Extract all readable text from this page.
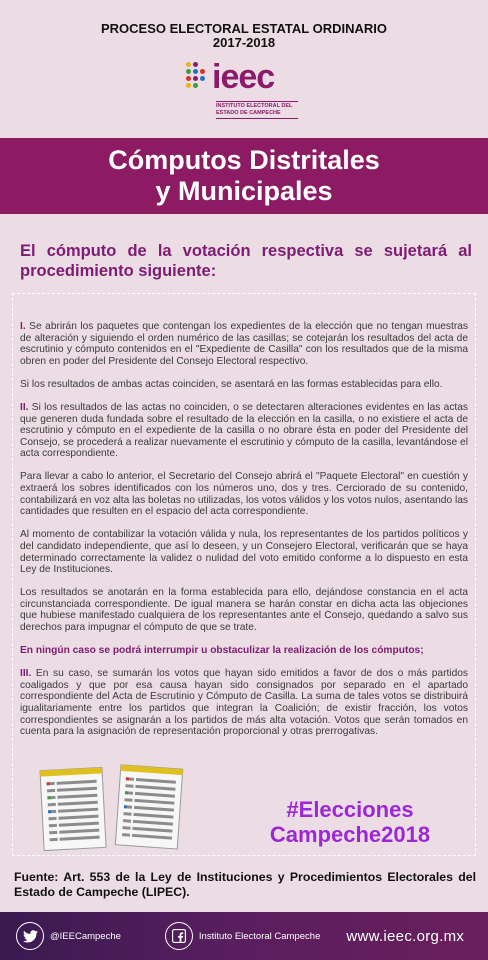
PROCESO ELECTORAL ESTATAL ORDINARIO
2017-2018
ieec
INSTITUTO ELECTORAL DEL
ESTADO DE CAMPECHE
Cómputos Distritales
y Municipales
El cómputo de la votación respectiva se sujetará al procedimiento siguiente:

I. Se abrirán los paquetes que contengan los expedientes de la elección que no tengan muestras de alteración y siguiendo el orden numérico de las casillas; se cotejarán los resultados del acta de escrutinio y cómputo contenidos en el "Expediente de Casilla" con los resultados que de la misma obren en poder del Presidente del Consejo Electoral respectivo.

Si los resultados de ambas actas coinciden, se asentará en las formas establecidas para ello.

II. Si los resultados de las actas no coinciden, o se detectaren alteraciones evidentes en las actas que generen duda fundada sobre el resultado de la elección en la casilla, o no existiere el acta de escrutinio y cómputo en el expediente de la casilla o no obrare ésta en poder del Presidente del Consejo, se procederá a realizar nuevamente el escrutinio y cómputo de la casilla, levantándose el acta correspondiente.

Para llevar a cabo lo anterior, el Secretario del Consejo abrirá el "Paquete Electoral" en cuestión y extraerá los sobres identificados con los números uno, dos y tres. Cerciorado de su contenido, contabilizará en voz alta las boletas no utilizadas, los votos válidos y los votos nulos, asentando las cantidades que resulten en el espacio del acta correspondiente.

Al momento de contabilizar la votación válida y nula, los representantes de los partidos políticos y del candidato independiente, que así lo deseen, y un Consejero Electoral, verificarán que se haya determinado correctamente la validez o nulidad del voto emitido conforme a lo dispuesto en esta Ley de Instituciones.

Los resultados se anotarán en la forma establecida para ello, dejándose constancia en el acta circunstanciada correspondiente. De igual manera se harán constar en dicha acta las objeciones que hubiese manifestado cualquiera de los representantes ante el Consejo, quedando a salvo sus derechos para impugnar el cómputo de que se trate.

En ningún caso se podrá interrumpir u obstaculizar la realización de los cómputos;

III. En su caso, se sumarán los votos que hayan sido emitidos a favor de dos o más partidos coaligados y que por esa causa hayan sido consignados por separado en el apartado correspondiente del Acta de Escrutinio y Cómputo de Casilla. La suma de tales votos se distribuirá igualitariamente entre los partidos que integran la Coalición; de existir fracción, los votos correspondientes se asignarán a los partidos de más alta votación. Votos que serán tomados en cuenta para la asignación de representación proporcional y otras prerrogativas.

#Elecciones
Campeche2018
Fuente: Art. 553 de la Ley de Instituciones y Procedimientos Electorales del Estado de Campeche (LIPEC).
@IEECampeche	Instituto Electoral Campeche www.ieec.org.mx
